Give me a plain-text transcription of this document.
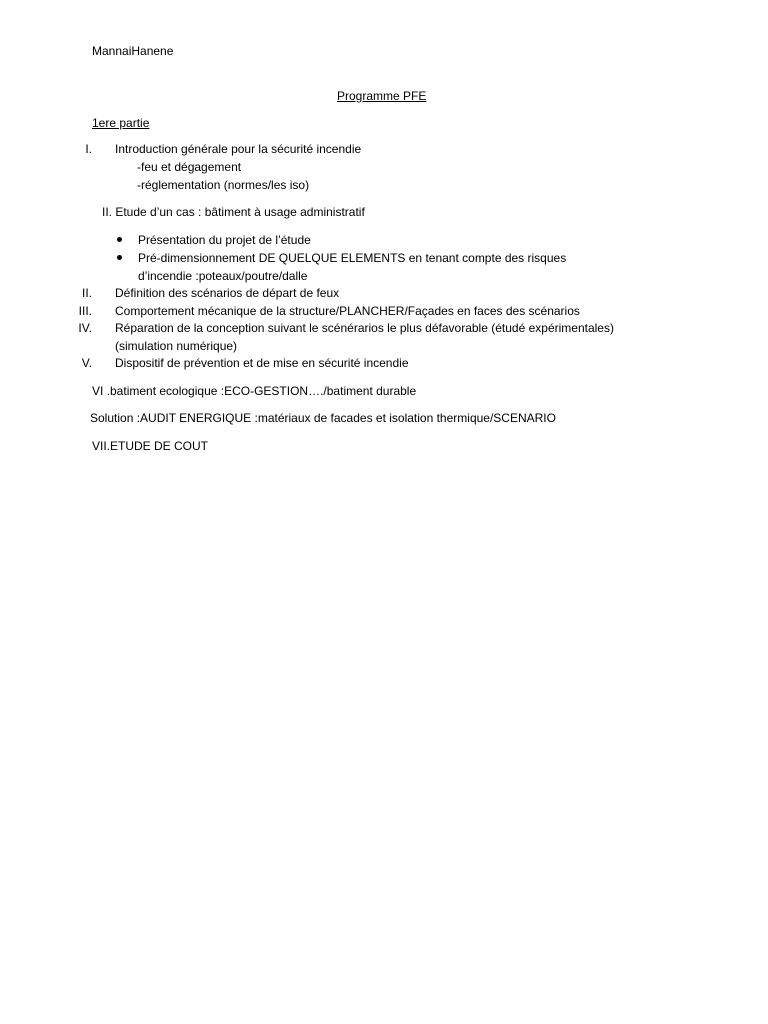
MannaiHanene
Programme PFE
1ere partie
I. Introduction générale pour la sécurité incendie
-feu et dégagement
-réglementation (normes/les iso)
II. Etude d’un cas : bâtiment à usage administratif
Présentation du projet de l’étude
Pré-dimensionnement DE QUELQUE ELEMENTS en tenant compte des risques
d’incendie :poteaux/poutre/dalle
II. Définition des scénarios de départ de feux
III. Comportement mécanique de la structure/PLANCHER/Façades en faces des scénarios
IV. Réparation de la conception suivant le scénérarios le plus défavorable (étudé expérimentales)
(simulation numérique)
V. Dispositif de prévention et de mise en sécurité incendie
VI .batiment ecologique :ECO-GESTION…./batiment durable
Solution :AUDIT ENERGIQUE :matériaux de facades et isolation thermique/SCENARIO
VII.ETUDE DE COUT
